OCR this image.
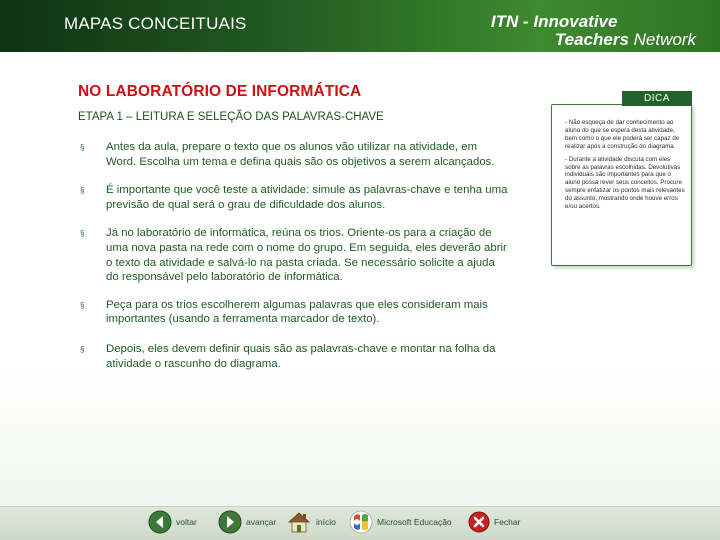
MAPAS CONCEITUAIS	ITN - Innovative
Teachers Network
NO LABORATÓRIO DE INFORMÁTICA
ETAPA 1 – LEITURA E SELEÇÃO DAS PALAVRAS-CHAVE
§ Antes da aula, prepare o texto que os alunos vão utilizar na atividade, em Word. Escolha um tema e defina quais são os objetivos a serem alcançados.
§ É importante que você teste a atividade: simule as palavras-chave e tenha uma previsão de qual será o grau de dificuldade dos alunos.
§ Já no laboratório de informática, reúna os trios. Oriente-os para a criação de uma nova pasta na rede com o nome do grupo. Em seguida, eles deverão abrir o texto da atividade e salvá-lo na pasta criada. Se necessário solicite a ajuda do responsável pelo laboratório de informática.
§ Peça para os trios escolherem algumas palavras que eles consideram mais importantes (usando a ferramenta marcador de texto).
§ Depois, eles devem definir quais são as palavras-chave e montar na folha da atividade o rascunho do diagrama.
DICA

- Não esqueça de dar conhecimento ao aluno do que se espera desta atividade, bem como o que ele poderá ser capaz de realizar após a construção do diagrama.

- Durante a atividade discuta com eles sobre as palavras escolhidas. Devolutivas individuais são importantes para que o aluno possa rever seus conceitos. Procure sempre enfatizar os pontos mais relevantes do assunto, mostrando onde houve erros e/ou acertos.

voltar	avançar	início	Microsoft Educação	Fechar
